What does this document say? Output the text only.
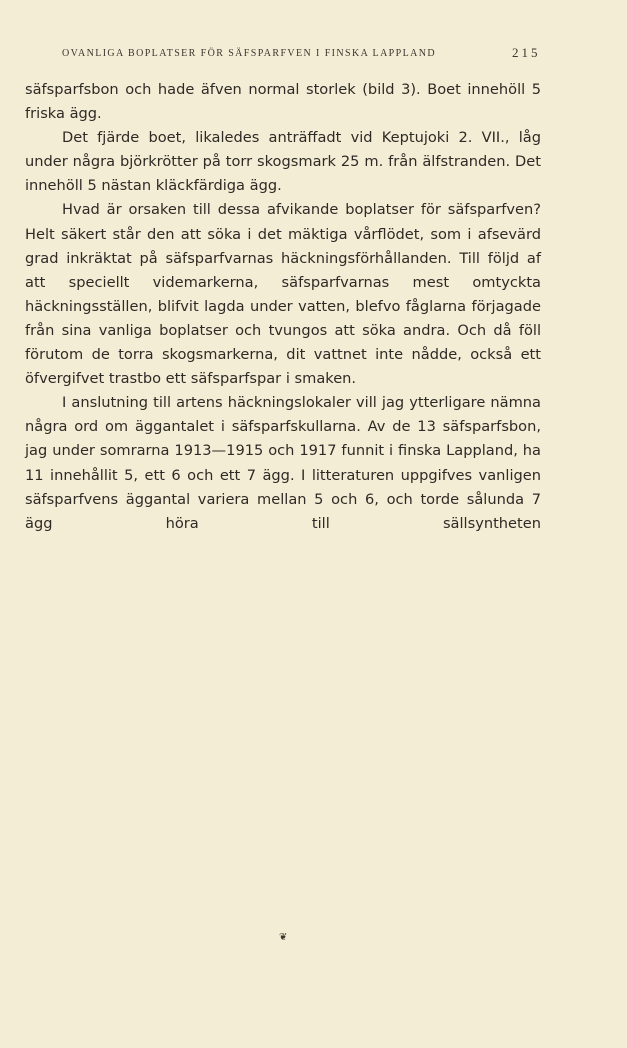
OVANLIGA BOPLATSER FÖR SÄFSPARFVEN I FINSKA LAPPLAND	215

säfsparfsbon och hade äfven normal storlek (bild 3). Boet innehöll 5 friska ägg.

Det fjärde boet, likaledes anträffadt vid Keptujoki 2. VII., låg under några björkrötter på torr skogsmark 25 m. från älfstranden. Det innehöll 5 nästan kläckfärdiga ägg.

Hvad är orsaken till dessa afvikande boplatser för säfsparfven? Helt säkert står den att söka i det mäktiga vårflödet, som i afsevärd grad inkräktat på säfsparfvarnas häckningsförhållanden. Till följd af att speciellt videmarkerna, säfsparfvarnas mest omtyckta häckningsställen, blifvit lagda under vatten, blefvo fåglarna förjagade från sina vanliga boplatser och tvungos att söka andra. Och då föll förutom de torra skogsmarkerna, dit vattnet inte nådde, också ett öfvergifvet trastbo ett säfsparfspar i smaken.

I anslutning till artens häckningslokaler vill jag ytterligare nämna några ord om äggantalet i säfsparfskullarna. Av de 13 säfsparfsbon, jag under somrarna 1913—1915 och 1917 funnit i finska Lappland, ha 11 innehållit 5, ett 6 och ett 7 ägg. I litteraturen uppgifves vanligen säfsparfvens äggantal variera mellan 5 och 6, och torde sålunda 7 ägg höra till sällsyntheten

❦
